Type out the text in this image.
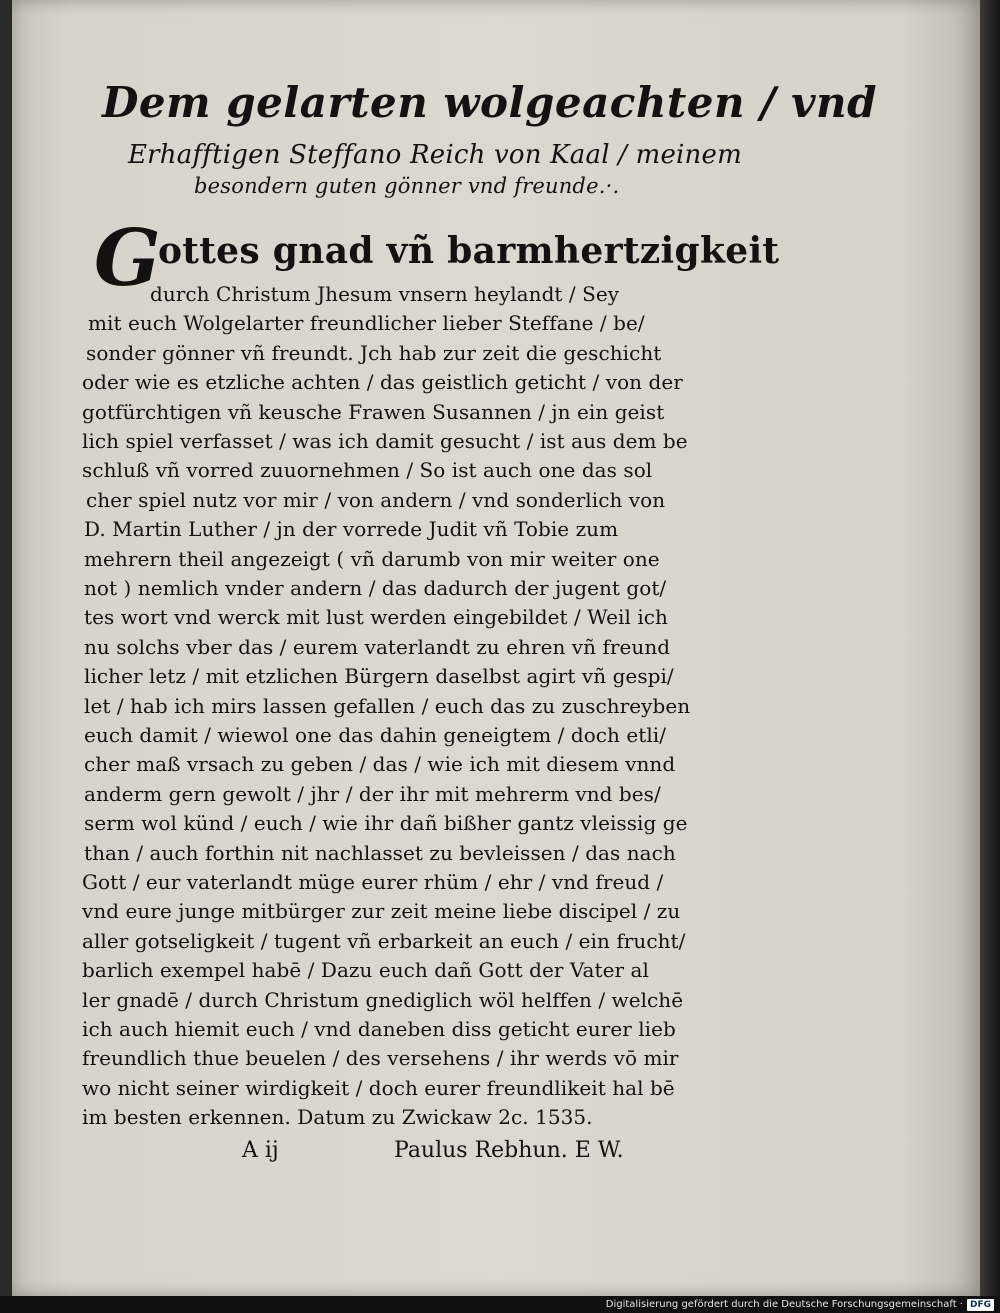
Dem gelarten wolgeachten / vnd
Erhafftigen Steffano Reich von Kaal / meinem
besondern guten gönner vnd freunde.·.
G
ottes gnad vñ barmhertzigkeit
durch Christum Jhesum vnsern heylandt / Sey
mit euch Wolgelarter freundlicher lieber Steffane / be/
sonder gönner vñ freundt. Jch hab zur zeit die geschicht
oder wie es etzliche achten / das geistlich geticht / von der
gotfürchtigen vñ keusche Frawen Susannen / jn ein geist
lich spiel verfasset / was ich damit gesucht / ist aus dem be
schluß vñ vorred zuuornehmen / So ist auch one das sol
cher spiel nutz vor mir / von andern / vnd sonderlich von
D. Martin Luther / jn der vorrede Judit vñ Tobie zum
mehrern theil angezeigt ( vñ darumb von mir weiter one
not ) nemlich vnder andern / das dadurch der jugent got/
tes wort vnd werck mit lust werden eingebildet / Weil ich
nu solchs vber das / eurem vaterlandt zu ehren vñ freund
licher letz / mit etzlichen Bürgern daselbst agirt vñ gespi/
let / hab ich mirs lassen gefallen / euch das zu zuschreyben
euch damit / wiewol one das dahin geneigtem / doch etli/
cher maß vrsach zu geben / das / wie ich mit diesem vnnd
anderm gern gewolt / jhr / der ihr mit mehrerm vnd bes/
serm wol künd / euch / wie ihr dañ bißher gantz vleissig ge
than / auch forthin nit nachlasset zu bevleissen / das nach
Gott / eur vaterlandt müge eurer rhüm / ehr / vnd freud /
vnd eure junge mitbürger zur zeit meine liebe discipel / zu
aller gotseligkeit / tugent vñ erbarkeit an euch / ein frucht/
barlich exempel habē / Dazu euch dañ Gott der Vater al
ler gnadē / durch Christum gnediglich wöl helffen / welchē
ich auch hiemit euch / vnd daneben diss geticht eurer lieb
freundlich thue beuelen / des versehens / ihr werds vō mir
wo nicht seiner wirdigkeit / doch eurer freundlikeit hal bē
im besten erkennen. Datum zu Zwickaw 2c. 1535.
A ij	Paulus Rebhun. E W.
Digitalisierung gefördert durch die Deutsche Forschungsgemeinschaft · DFG
